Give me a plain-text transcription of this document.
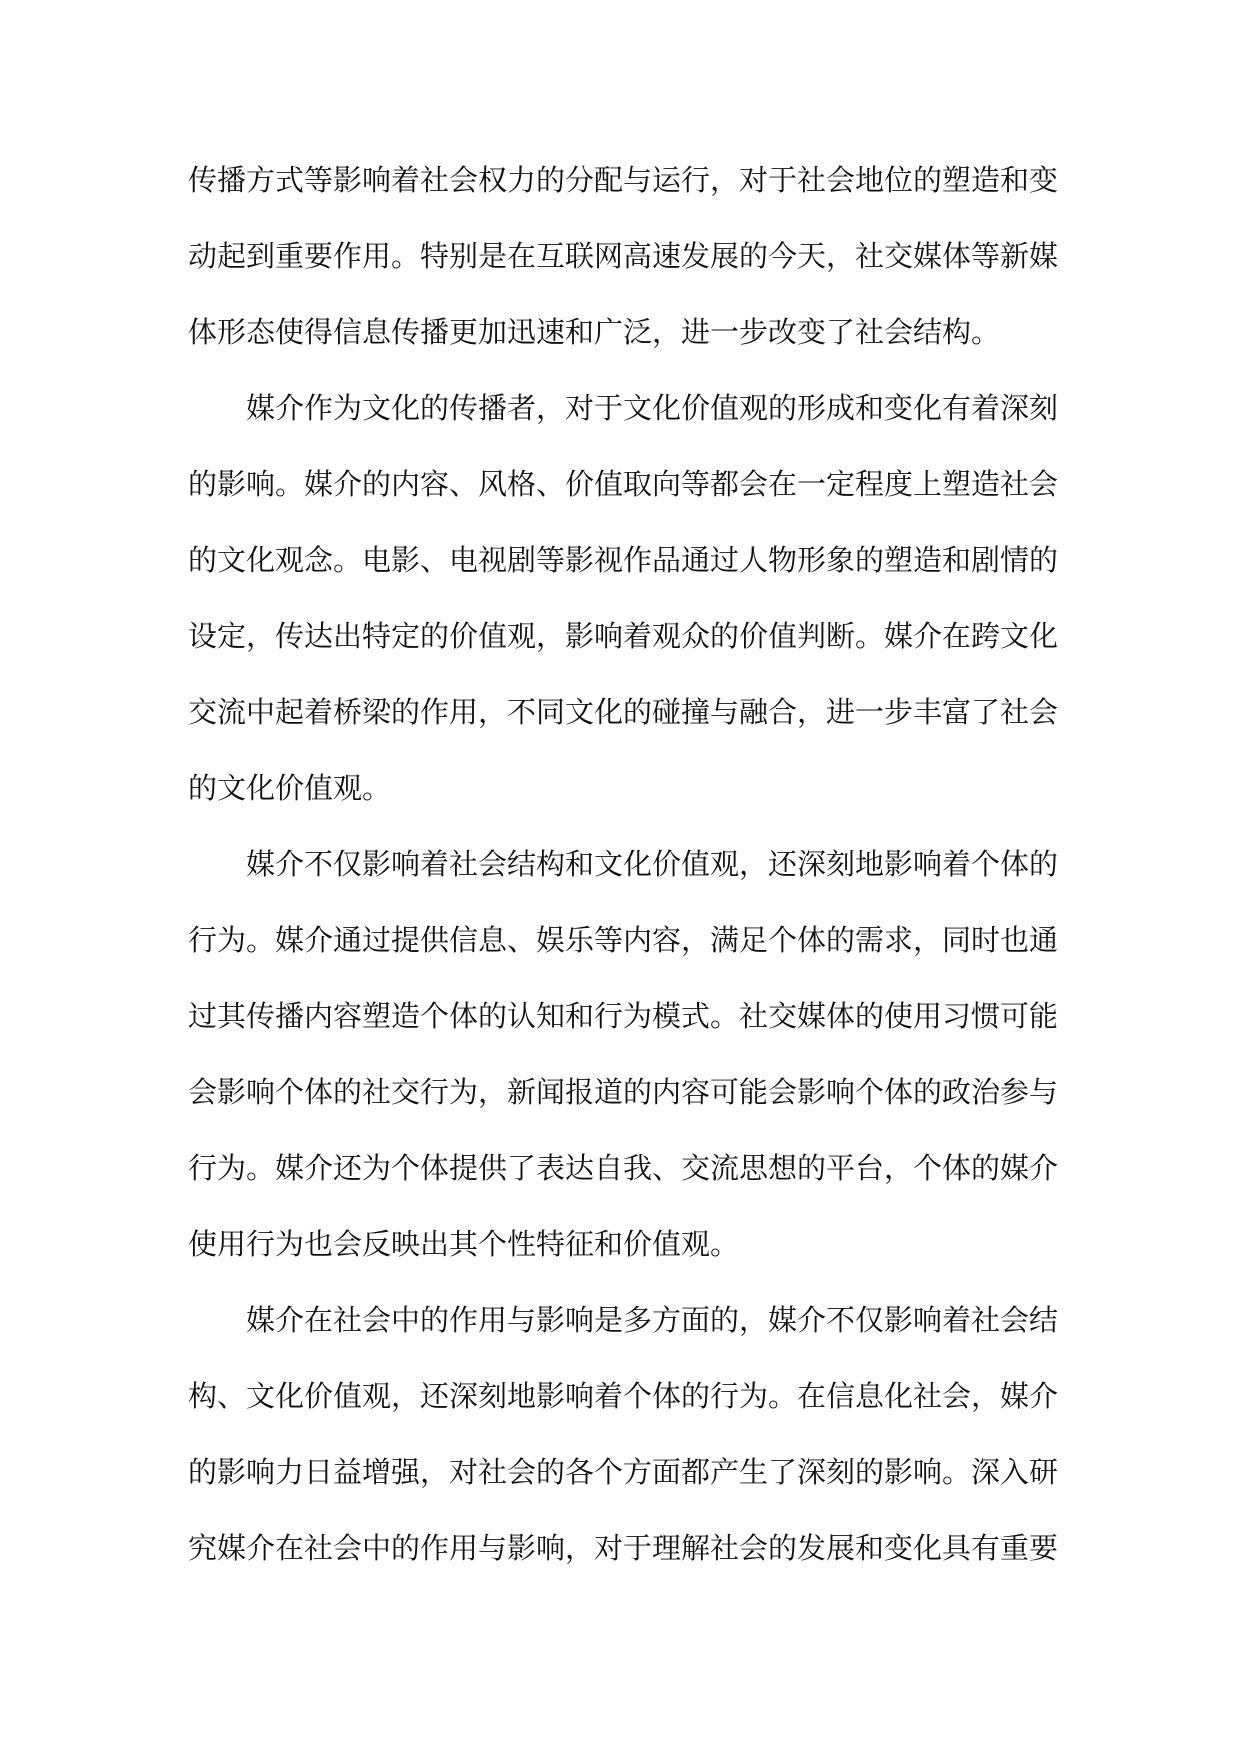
传播方式等影响着社会权力的分配与运行，对于社会地位的塑造和变
动起到重要作用。特别是在互联网高速发展的今天，社交媒体等新媒
体形态使得信息传播更加迅速和广泛，进一步改变了社会结构。
媒介作为文化的传播者，对于文化价值观的形成和变化有着深刻
的影响。媒介的内容、风格、价值取向等都会在一定程度上塑造社会
的文化观念。电影、电视剧等影视作品通过人物形象的塑造和剧情的
设定，传达出特定的价值观，影响着观众的价值判断。媒介在跨文化
交流中起着桥梁的作用，不同文化的碰撞与融合，进一步丰富了社会
的文化价值观。
媒介不仅影响着社会结构和文化价值观，还深刻地影响着个体的
行为。媒介通过提供信息、娱乐等内容，满足个体的需求，同时也通
过其传播内容塑造个体的认知和行为模式。社交媒体的使用习惯可能
会影响个体的社交行为，新闻报道的内容可能会影响个体的政治参与
行为。媒介还为个体提供了表达自我、交流思想的平台，个体的媒介
使用行为也会反映出其个性特征和价值观。
媒介在社会中的作用与影响是多方面的，媒介不仅影响着社会结
构、文化价值观，还深刻地影响着个体的行为。在信息化社会，媒介
的影响力日益增强，对社会的各个方面都产生了深刻的影响。深入研
究媒介在社会中的作用与影响，对于理解社会的发展和变化具有重要
